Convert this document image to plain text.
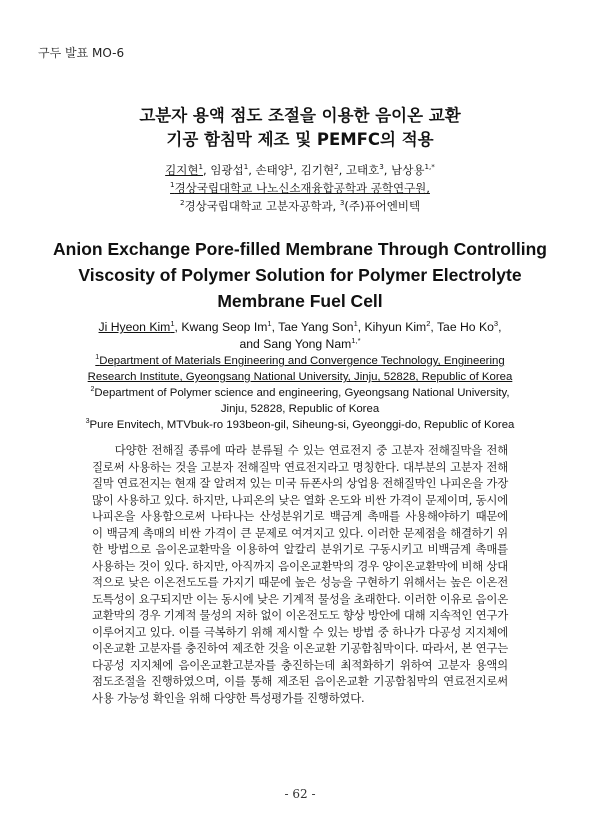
구두 발표 MO-6
고분자 용액 점도 조절을 이용한 음이온 교환
기공 함침막 제조 및 PEMFC의 적용
김지현$^1$, 임광섭$^1$, 손태양$^1$, 김기현$^2$, 고태호$^3$, 남상용$^{1,*}$
$^1$경상국립대학교 나노신소재융합공학과 공학연구원,
$^2$경상국립대학교 고분자공학과, $^3$(주)퓨어엔비텍
Anion Exchange Pore-filled Membrane Through Controlling
Viscosity of Polymer Solution for Polymer Electrolyte
Membrane Fuel Cell
Ji Hyeon Kim$^1$, Kwang Seop Im$^1$, Tae Yang Son$^1$, Kihyun Kim$^2$, Tae Ho Ko$^3$,
and Sang Yong Nam$^{1,*}$
$^1$Department of Materials Engineering and Convergence Technology, Engineering
Research Institute, Gyeongsang National University, Jinju, 52828, Republic of Korea
$^2$Department of Polymer science and engineering, Gyeongsang National University,
Jinju, 52828, Republic of Korea
$^3$Pure Envitech, MTVbuk-ro 193beon-gil, Siheung-si, Gyeonggi-do, Republic of Korea

다양한 전해질 종류에 따라 분류될 수 있는 연료전지 중 고분자 전해질막을 전해질로써 사용하는 것을 고분자 전해질막 연료전지라고 명칭한다. 대부분의 고분자 전해질막 연료전지는 현재 잘 알려져 있는 미국 듀폰사의 상업용 전해질막인 나피온을 가장 많이 사용하고 있다. 하지만, 나피온의 낮은 열화 온도와 비싼 가격이 문제이며, 동시에 나피온을 사용함으로써 나타나는 산성분위기로 백금계 촉매를 사용해야하기 때문에 이 백금계 촉매의 비싼 가격이 큰 문제로 여겨지고 있다. 이러한 문제점을 해결하기 위한 방법으로 음이온교환막을 이용하여 알칼리 분위기로 구동시키고 비백금계 촉매를 사용하는 것이 있다. 하지만, 아직까지 음이온교환막의 경우 양이온교환막에 비해 상대적으로 낮은 이온전도도를 가지기 때문에 높은 성능을 구현하기 위해서는 높은 이온전도특성이 요구되지만 이는 동시에 낮은 기계적 물성을 초래한다. 이러한 이유로 음이온교환막의 경우 기계적 물성의 저하 없이 이온전도도 향상 방안에 대해 지속적인 연구가 이루어지고 있다. 이를 극복하기 위해 제시할 수 있는 방법 중 하나가 다공성 지지체에 이온교환 고분자를 충진하여 제조한 것을 이온교환 기공함침막이다. 따라서, 본 연구는 다공성 지지체에 음이온교환고분자를 충진하는데 최적화하기 위하여 고분자 용액의 점도조절을 진행하였으며, 이를 통해 제조된 음이온교환 기공함침막의 연료전지로써 사용 가능성 확인을 위해 다양한 특성평가를 진행하였다.

- 62 -
